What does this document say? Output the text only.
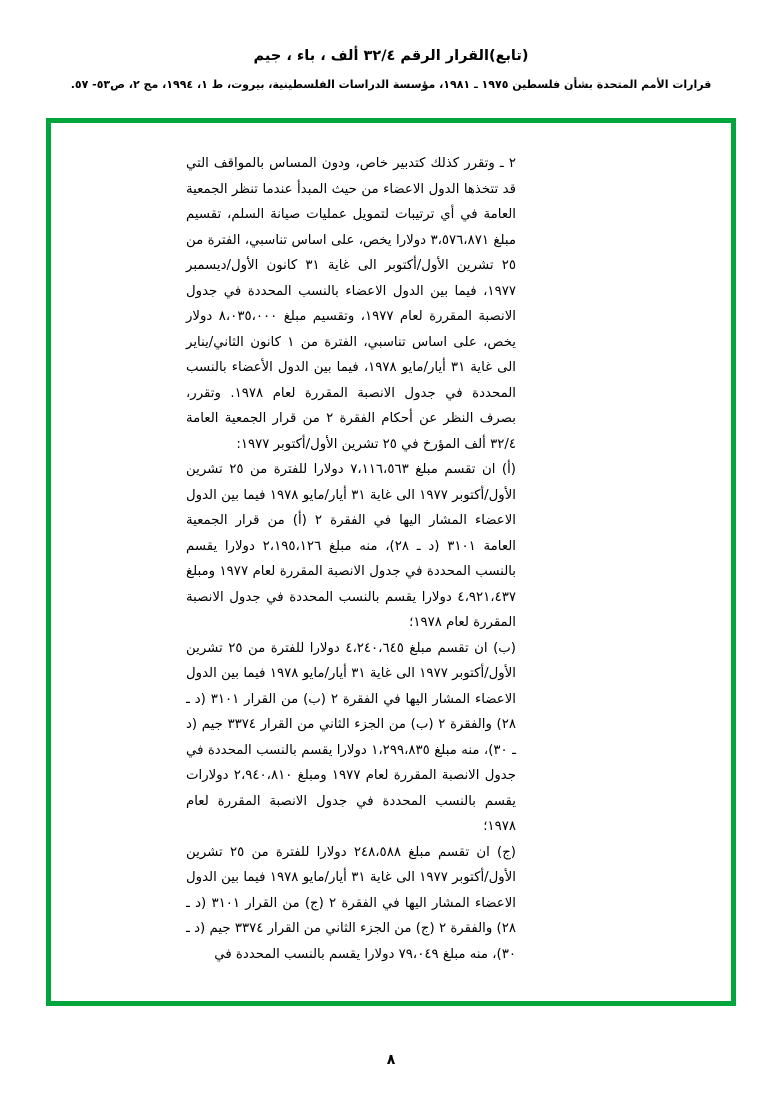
(تابع)القرار الرقم ٣٢/٤ ألف ، باء ، جيم
قرارات الأمم المتحدة بشأن فلسطين ١٩٧٥ ـ ١٩٨١، مؤسسة الدراسات الفلسطينية، بيروت، ط ١، ١٩٩٤، مج ٢، ص٥٣- ٥٧.

٢ ـ وتقرر كذلك كتدبير خاص، ودون المساس بالمواقف التي قد تتخذها الدول الاعضاء من حيث المبدأ عندما تنظر الجمعية العامة في أي ترتيبات لتمويل عمليات صيانة السلم، تقسيم مبلغ ٣،٥٧٦،٨٧١ دولارا يخص، على اساس تناسبي، الفترة من ٢٥ تشرين الأول/أكتوبر الى غاية ٣١ كانون الأول/ديسمبر ١٩٧٧، فيما بين الدول الاعضاء بالنسب المحددة في جدول الانصبة المقررة لعام ١٩٧٧، وتقسيم مبلغ ٨،٠٣٥،٠٠٠ دولار يخص، على اساس تناسبي، الفترة من ١ كانون الثاني/يناير الى غاية ٣١ أيار/مايو ١٩٧٨، فيما بين الدول الأعضاء بالنسب المحددة في جدول الانصبة المقررة لعام ١٩٧٨. وتقرر، بصرف النظر عن أحكام الفقرة ٢ من قرار الجمعية العامة ٣٢/٤ ألف المؤرخ في ٢٥ تشرين الأول/أكتوبر ١٩٧٧:

(أ) ان تقسم مبلغ ٧،١١٦،٥٦٣ دولارا للفترة من ٢٥ تشرين الأول/أكتوبر ١٩٧٧ الى غاية ٣١ أيار/مايو ١٩٧٨ فيما بين الدول الاعضاء المشار اليها في الفقرة ٢ (أ) من قرار الجمعية العامة ٣١٠١ (د ـ ٢٨)، منه مبلغ ٢،١٩٥،١٢٦ دولارا يقسم بالنسب المحددة في جدول الانصبة المقررة لعام ١٩٧٧ ومبلغ ٤،٩٢١،٤٣٧ دولارا يقسم بالنسب المحددة في جدول الانصبة المقررة لعام ١٩٧٨؛

(ب) ان تقسم مبلغ ٤،٢٤٠،٦٤٥ دولارا للفترة من ٢٥ تشرين الأول/أكتوبر ١٩٧٧ الى غاية ٣١ أيار/مايو ١٩٧٨ فيما بين الدول الاعضاء المشار اليها في الفقرة ٢ (ب) من القرار ٣١٠١ (د ـ ٢٨) والفقرة ٢ (ب) من الجزء الثاني من القرار ٣٣٧٤ جيم (د ـ ٣٠)، منه مبلغ ١،٢٩٩،٨٣٥ دولارا يقسم بالنسب المحددة في جدول الانصبة المقررة لعام ١٩٧٧ ومبلغ ٢،٩٤٠،٨١٠ دولارات يقسم بالنسب المحددة في جدول الانصبة المقررة لعام ١٩٧٨؛

(ج) ان تقسم مبلغ ٢٤٨،٥٨٨ دولارا للفترة من ٢٥ تشرين الأول/أكتوبر ١٩٧٧ الى غاية ٣١ أيار/مايو ١٩٧٨ فيما بين الدول الاعضاء المشار اليها في الفقرة ٢ (ج) من القرار ٣١٠١ (د ـ ٢٨) والفقرة ٢ (ج) من الجزء الثاني من القرار ٣٣٧٤ جيم (د ـ ٣٠)، منه مبلغ ٧٩،٠٤٩ دولارا يقسم بالنسب المحددة في

٨
